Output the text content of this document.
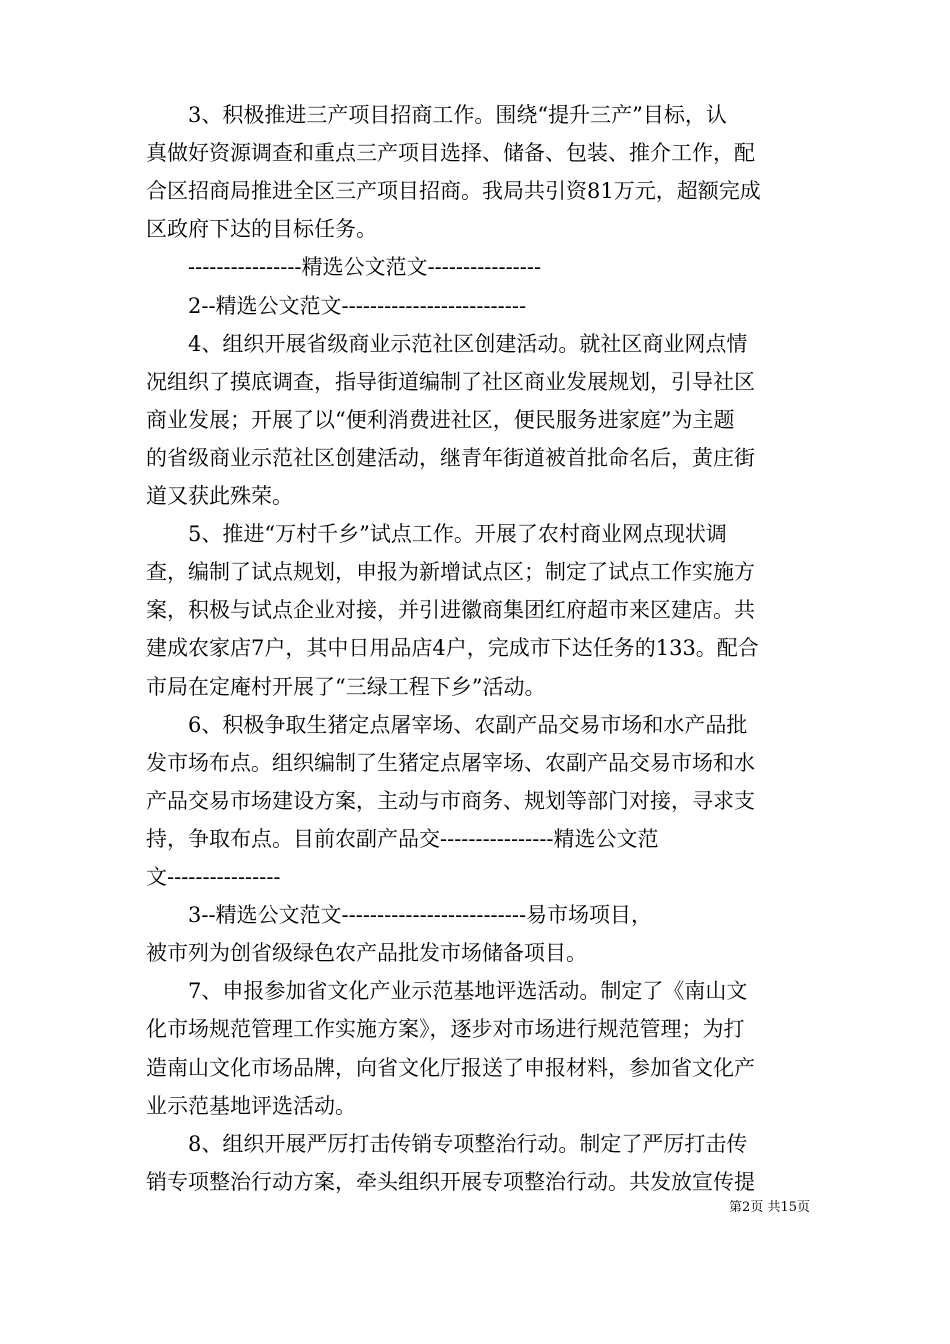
　　3、积极推进三产项目招商工作。围绕“提升三产”目标，认
真做好资源调查和重点三产项目选择、储备、包装、推介工作，配
合区招商局推进全区三产项目招商。我局共引资81万元，超额完成
区政府下达的目标任务。
　　----------------精选公文范文----------------
　　2--精选公文范文--------------------------
　　4、组织开展省级商业示范社区创建活动。就社区商业网点情
况组织了摸底调查，指导街道编制了社区商业发展规划，引导社区
商业发展；开展了以“便利消费进社区，便民服务进家庭”为主题
的省级商业示范社区创建活动，继青年街道被首批命名后，黄庄街
道又获此殊荣。
　　5、推进“万村千乡”试点工作。开展了农村商业网点现状调
查，编制了试点规划，申报为新增试点区；制定了试点工作实施方
案，积极与试点企业对接，并引进徽商集团红府超市来区建店。共
建成农家店7户，其中日用品店4户，完成市下达任务的133。配合
市局在定庵村开展了“三绿工程下乡”活动。
　　6、积极争取生猪定点屠宰场、农副产品交易市场和水产品批
发市场布点。组织编制了生猪定点屠宰场、农副产品交易市场和水
产品交易市场建设方案，主动与市商务、规划等部门对接，寻求支
持，争取布点。目前农副产品交----------------精选公文范
文----------------
　　3--精选公文范文--------------------------易市场项目，
被市列为创省级绿色农产品批发市场储备项目。
　　7、申报参加省文化产业示范基地评选活动。制定了《南山文
化市场规范管理工作实施方案》，逐步对市场进行规范管理；为打
造南山文化市场品牌，向省文化厅报送了申报材料，参加省文化产
业示范基地评选活动。
　　8、组织开展严厉打击传销专项整治行动。制定了严厉打击传
销专项整治行动方案，牵头组织开展专项整治行动。共发放宣传提
第2页 共15页
